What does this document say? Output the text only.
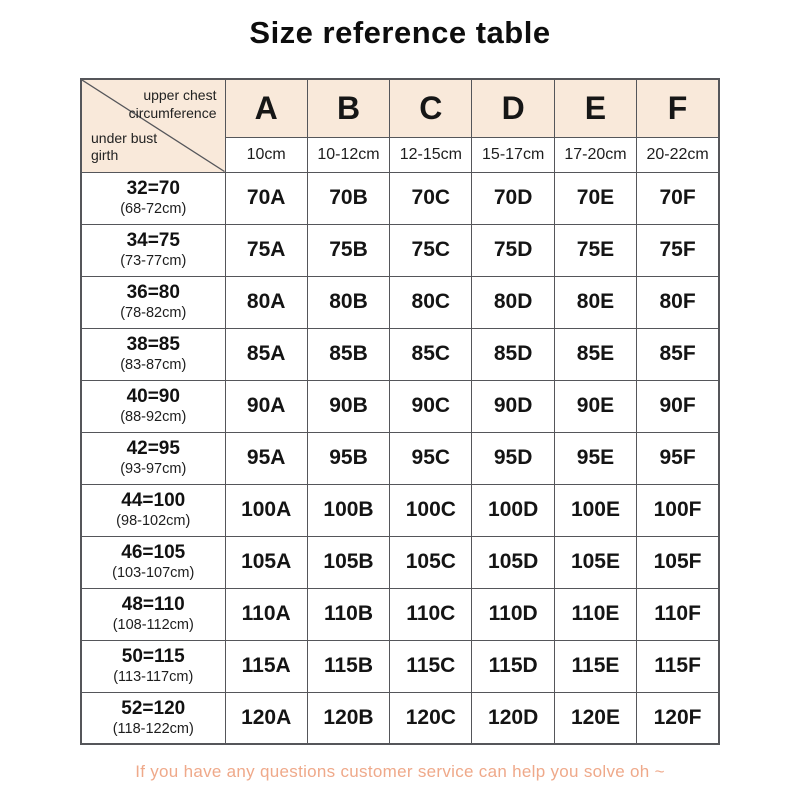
Size reference table
upper chest circumference
under bust girth	A	B	C	D	E	F
	10cm	10-12cm	12-15cm	15-17cm	17-20cm	20-22cm

32=70
(68-72cm)	70A	70B	70C	70D	70E	70F

34=75
(73-77cm)	75A	75B	75C	75D	75E	75F

36=80
(78-82cm)	80A	80B	80C	80D	80E	80F

38=85
(83-87cm)	85A	85B	85C	85D	85E	85F

40=90
(88-92cm)	90A	90B	90C	90D	90E	90F

42=95
(93-97cm)	95A	95B	95C	95D	95E	95F

44=100
(98-102cm)	100A	100B	100C	100D	100E	100F

46=105
(103-107cm)	105A	105B	105C	105D	105E	105F

48=110
(108-112cm)	110A	110B	110C	110D	110E	110F

50=115
(113-117cm)	115A	115B	115C	115D	115E	115F

52=120
(118-122cm)	120A	120B	120C	120D	120E	120F

If you have any questions customer service can help you solve oh ~
